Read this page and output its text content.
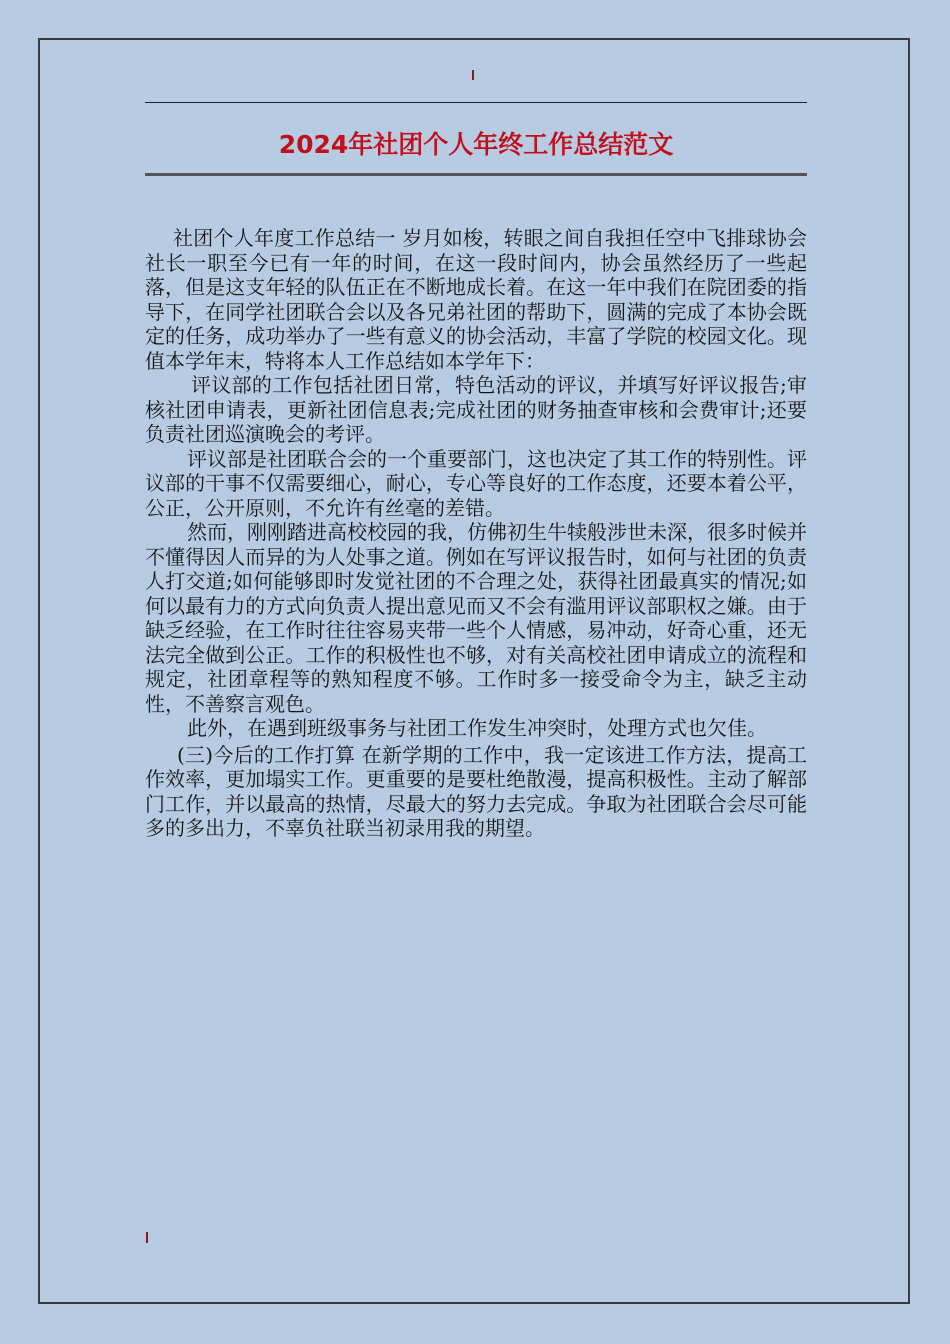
2024年社团个人年终工作总结范文

社团个人年度工作总结一 岁月如梭，转眼之间自我担任空中飞排球协会社长一职至今已有一年的时间，在这一段时间内，协会虽然经历了一些起落，但是这支年轻的队伍正在不断地成长着。在这一年中我们在院团委的指导下，在同学社团联合会以及各兄弟社团的帮助下，圆满的完成了本协会既定的任务，成功举办了一些有意义的协会活动，丰富了学院的校园文化。现值本学年末，特将本人工作总结如本学年下：

评议部的工作包括社团日常，特色活动的评议，并填写好评议报告;审核社团申请表，更新社团信息表;完成社团的财务抽查审核和会费审计;还要负责社团巡演晚会的考评。

评议部是社团联合会的一个重要部门，这也决定了其工作的特别性。评议部的干事不仅需要细心，耐心，专心等良好的工作态度，还要本着公平，公正，公开原则，不允许有丝毫的差错。

然而，刚刚踏进高校校园的我，仿佛初生牛犊般涉世未深，很多时候并不懂得因人而异的为人处事之道。例如在写评议报告时，如何与社团的负责人打交道;如何能够即时发觉社团的不合理之处，获得社团最真实的情况;如何以最有力的方式向负责人提出意见而又不会有滥用评议部职权之嫌。由于缺乏经验，在工作时往往容易夹带一些个人情感，易冲动，好奇心重，还无法完全做到公正。工作的积极性也不够，对有关高校社团申请成立的流程和规定，社团章程等的熟知程度不够。工作时多一接受命令为主，缺乏主动性，不善察言观色。

此外，在遇到班级事务与社团工作发生冲突时，处理方式也欠佳。

(三)今后的工作打算 在新学期的工作中，我一定该进工作方法，提高工作效率，更加塌实工作。更重要的是要杜绝散漫，提高积极性。主动了解部门工作，并以最高的热情，尽最大的努力去完成。争取为社团联合会尽可能多的多出力，不辜负社联当初录用我的期望。
